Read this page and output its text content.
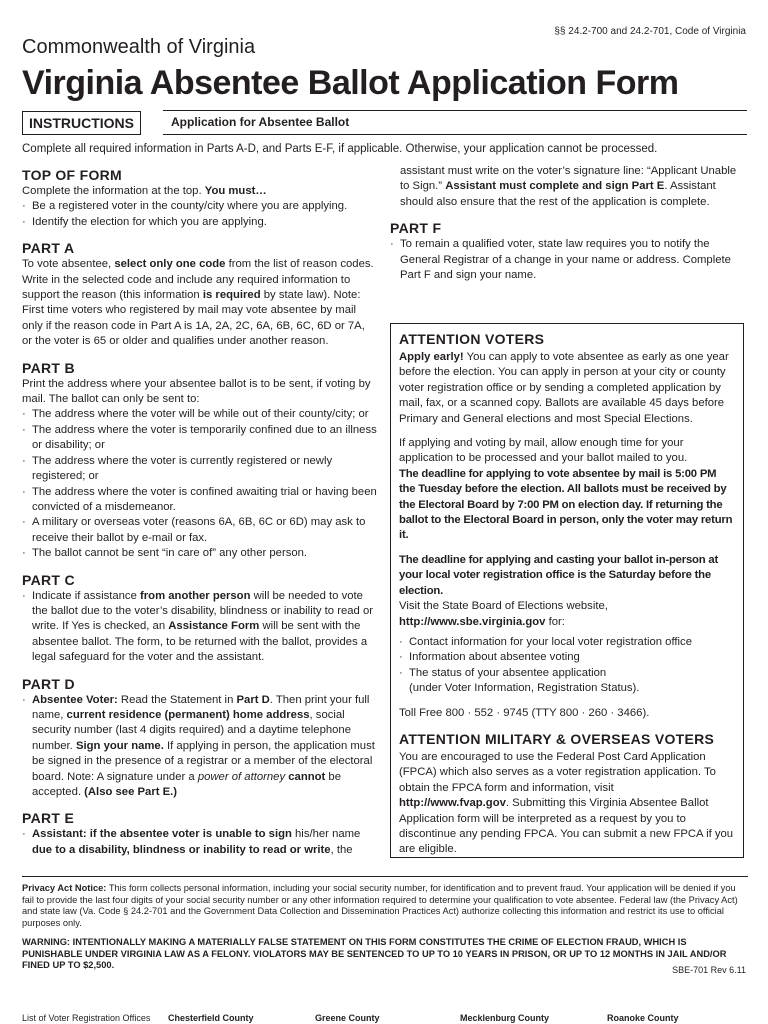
§§ 24.2-700 and 24.2-701, Code of Virginia
Commonwealth of Virginia
Virginia Absentee Ballot Application Form
INSTRUCTIONS	Application for Absentee Ballot
Complete all required information in Parts A-D, and Parts E-F, if applicable. Otherwise, your application cannot be processed.
TOP OF FORM

Complete the information at the top. You must…

· Be a registered voter in the county/city where you are applying.
· Identify the election for which you are applying.
PART A

To vote absentee, select only one code from the list of reason codes. Write in the selected code and include any required information to support the reason (this information is required by state law). Note: First time voters who registered by mail may vote absentee by mail only if the reason code in Part A is 1A, 2A, 2C, 6A, 6B, 6C, 6D or 7A, or the voter is 65 or older and qualifies under another reason.

PART B

Print the address where your absentee ballot is to be sent, if voting by mail. The ballot can only be sent to:

· The address where the voter will be while out of their county/city; or
· The address where the voter is temporarily confined due to an illness or disability; or
· The address where the voter is currently registered or newly registered; or
· The address where the voter is confined awaiting trial or having been convicted of a misdemeanor.
· A military or overseas voter (reasons 6A, 6B, 6C or 6D) may ask to receive their ballot by e-mail or fax.
· The ballot cannot be sent “in care of” any other person.
PART C
· Indicate if assistance from another person will be needed to vote the ballot due to the voter’s disability, blindness or inability to read or write. If Yes is checked, an Assistance Form will be sent with the absentee ballot. The form, to be returned with the ballot, provides a legal safeguard for the voter and the assistant.
PART D
· Absentee Voter: Read the Statement in Part D. Then print your full name, current residence (permanent) home address, social security number (last 4 digits required) and a daytime telephone number. Sign your name. If applying in person, the application must be signed in the presence of a registrar or a member of the electoral board. Note: A signature under a power of attorney cannot be accepted. (Also see Part E.)
PART E
· Assistant: if the absentee voter is unable to sign his/her name due to a disability, blindness or inability to read or write, the

assistant must write on the voter’s signature line: “Applicant Unable to Sign.” Assistant must complete and sign Part E. Assistant should also ensure that the rest of the application is complete.

PART F
· To remain a qualified voter, state law requires you to notify the General Registrar of a change in your name or address. Complete Part F and sign your name.
ATTENTION VOTERS

Apply early! You can apply to vote absentee as early as one year before the election. You can apply in person at your city or county voter registration office or by sending a completed application by mail, fax, or a scanned copy. Ballots are available 45 days before Primary and General elections and most Special Elections.

If applying and voting by mail, allow enough time for your application to be processed and your ballot mailed to you.
The deadline for applying to vote absentee by mail is 5:00 PM the Tuesday before the election. All ballots must be received by the Electoral Board by 7:00 PM on election day. If returning the ballot to the Electoral Board in person, only the voter may return it.

The deadline for applying and casting your ballot in-person at your local voter registration office is the Saturday before the election.
Visit the State Board of Elections website,
http://www.sbe.virginia.gov for:

· Contact information for your local voter registration office
· Information about absentee voting
· The status of your absentee application
(under Voter Information, Registration Status).

Toll Free 800 · 552 · 9745 (TTY 800 · 260 · 3466).

ATTENTION MILITARY & OVERSEAS VOTERS

You are encouraged to use the Federal Post Card Application (FPCA) which also serves as a voter registration application. To obtain the FPCA form and information, visit
http://www.fvap.gov. Submitting this Virginia Absentee Ballot Application form will be interpreted as a request by you to discontinue any pending FPCA. You can submit a new FPCA if you are eligible.

Privacy Act Notice: This form collects personal information, including your social security number, for identification and to prevent fraud. Your application will be denied if you fail to provide the last four digits of your social security number or any other information required to determine your qualification to vote absentee. Federal law (the Privacy Act) and state law (Va. Code § 24.2-701 and the Government Data Collection and Dissemination Practices Act) authorize collecting this information and restrict its use to official purposes only.
WARNING: INTENTIONALLY MAKING A MATERIALLY FALSE STATEMENT ON THIS FORM CONSTITUTES THE CRIME OF ELECTION FRAUD, WHICH IS PUNISHABLE UNDER VIRGINIA LAW AS A FELONY. VIOLATORS MAY BE SENTENCED TO UP TO 10 YEARS IN PRISON, OR UP TO 12 MONTHS IN JAIL AND/OR FINED UP TO $2,500.	SBE-701 Rev 6.11
List of Voter Registration Offices Chesterfield County	Greene County	Mecklenburg County	Roanoke County
